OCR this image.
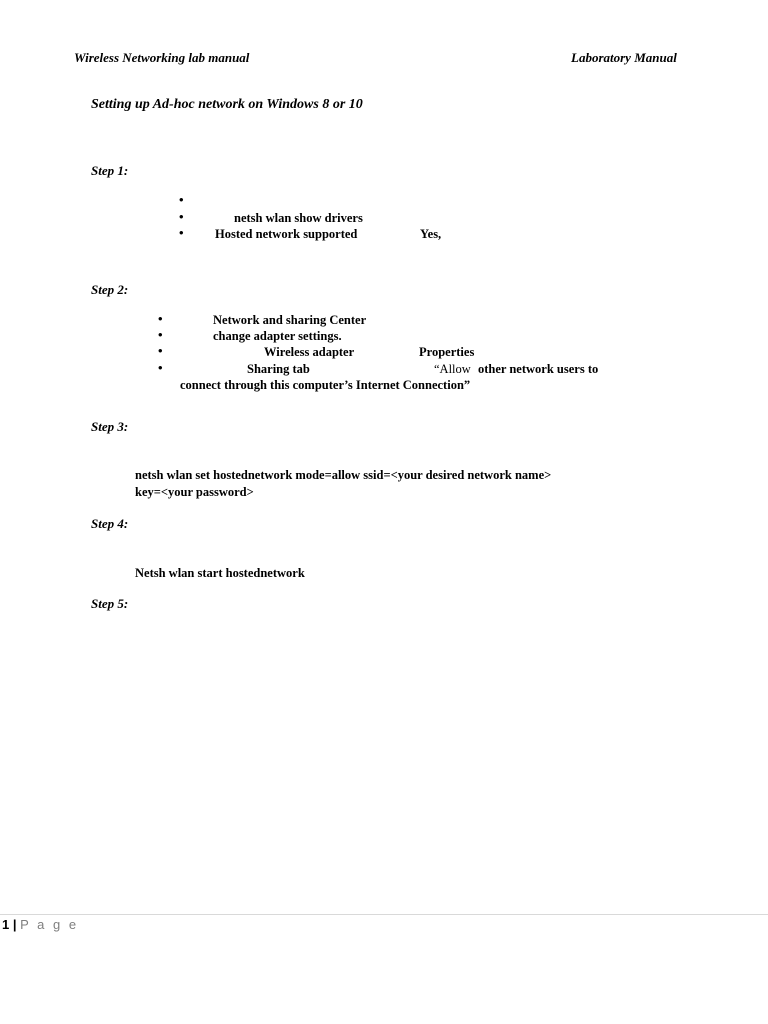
Wireless Networking lab manual	Laboratory Manual
Setting up Ad-hoc network on Windows 8 or 10
Step 1:
•
•	netsh wlan show drivers
•	Hosted network supported	Yes,
Step 2:
•	Network and sharing Center
•	change adapter settings.
•	Wireless adapter	Properties
•	Sharing tab	“Allow other network users to
connect through this computer’s Internet Connection”
Step 3:
netsh wlan set hostednetwork mode=allow ssid=<your desired network name>
key=<your password>
Step 4:
Netsh wlan start hostednetwork
Step 5:
1 | P a g e
